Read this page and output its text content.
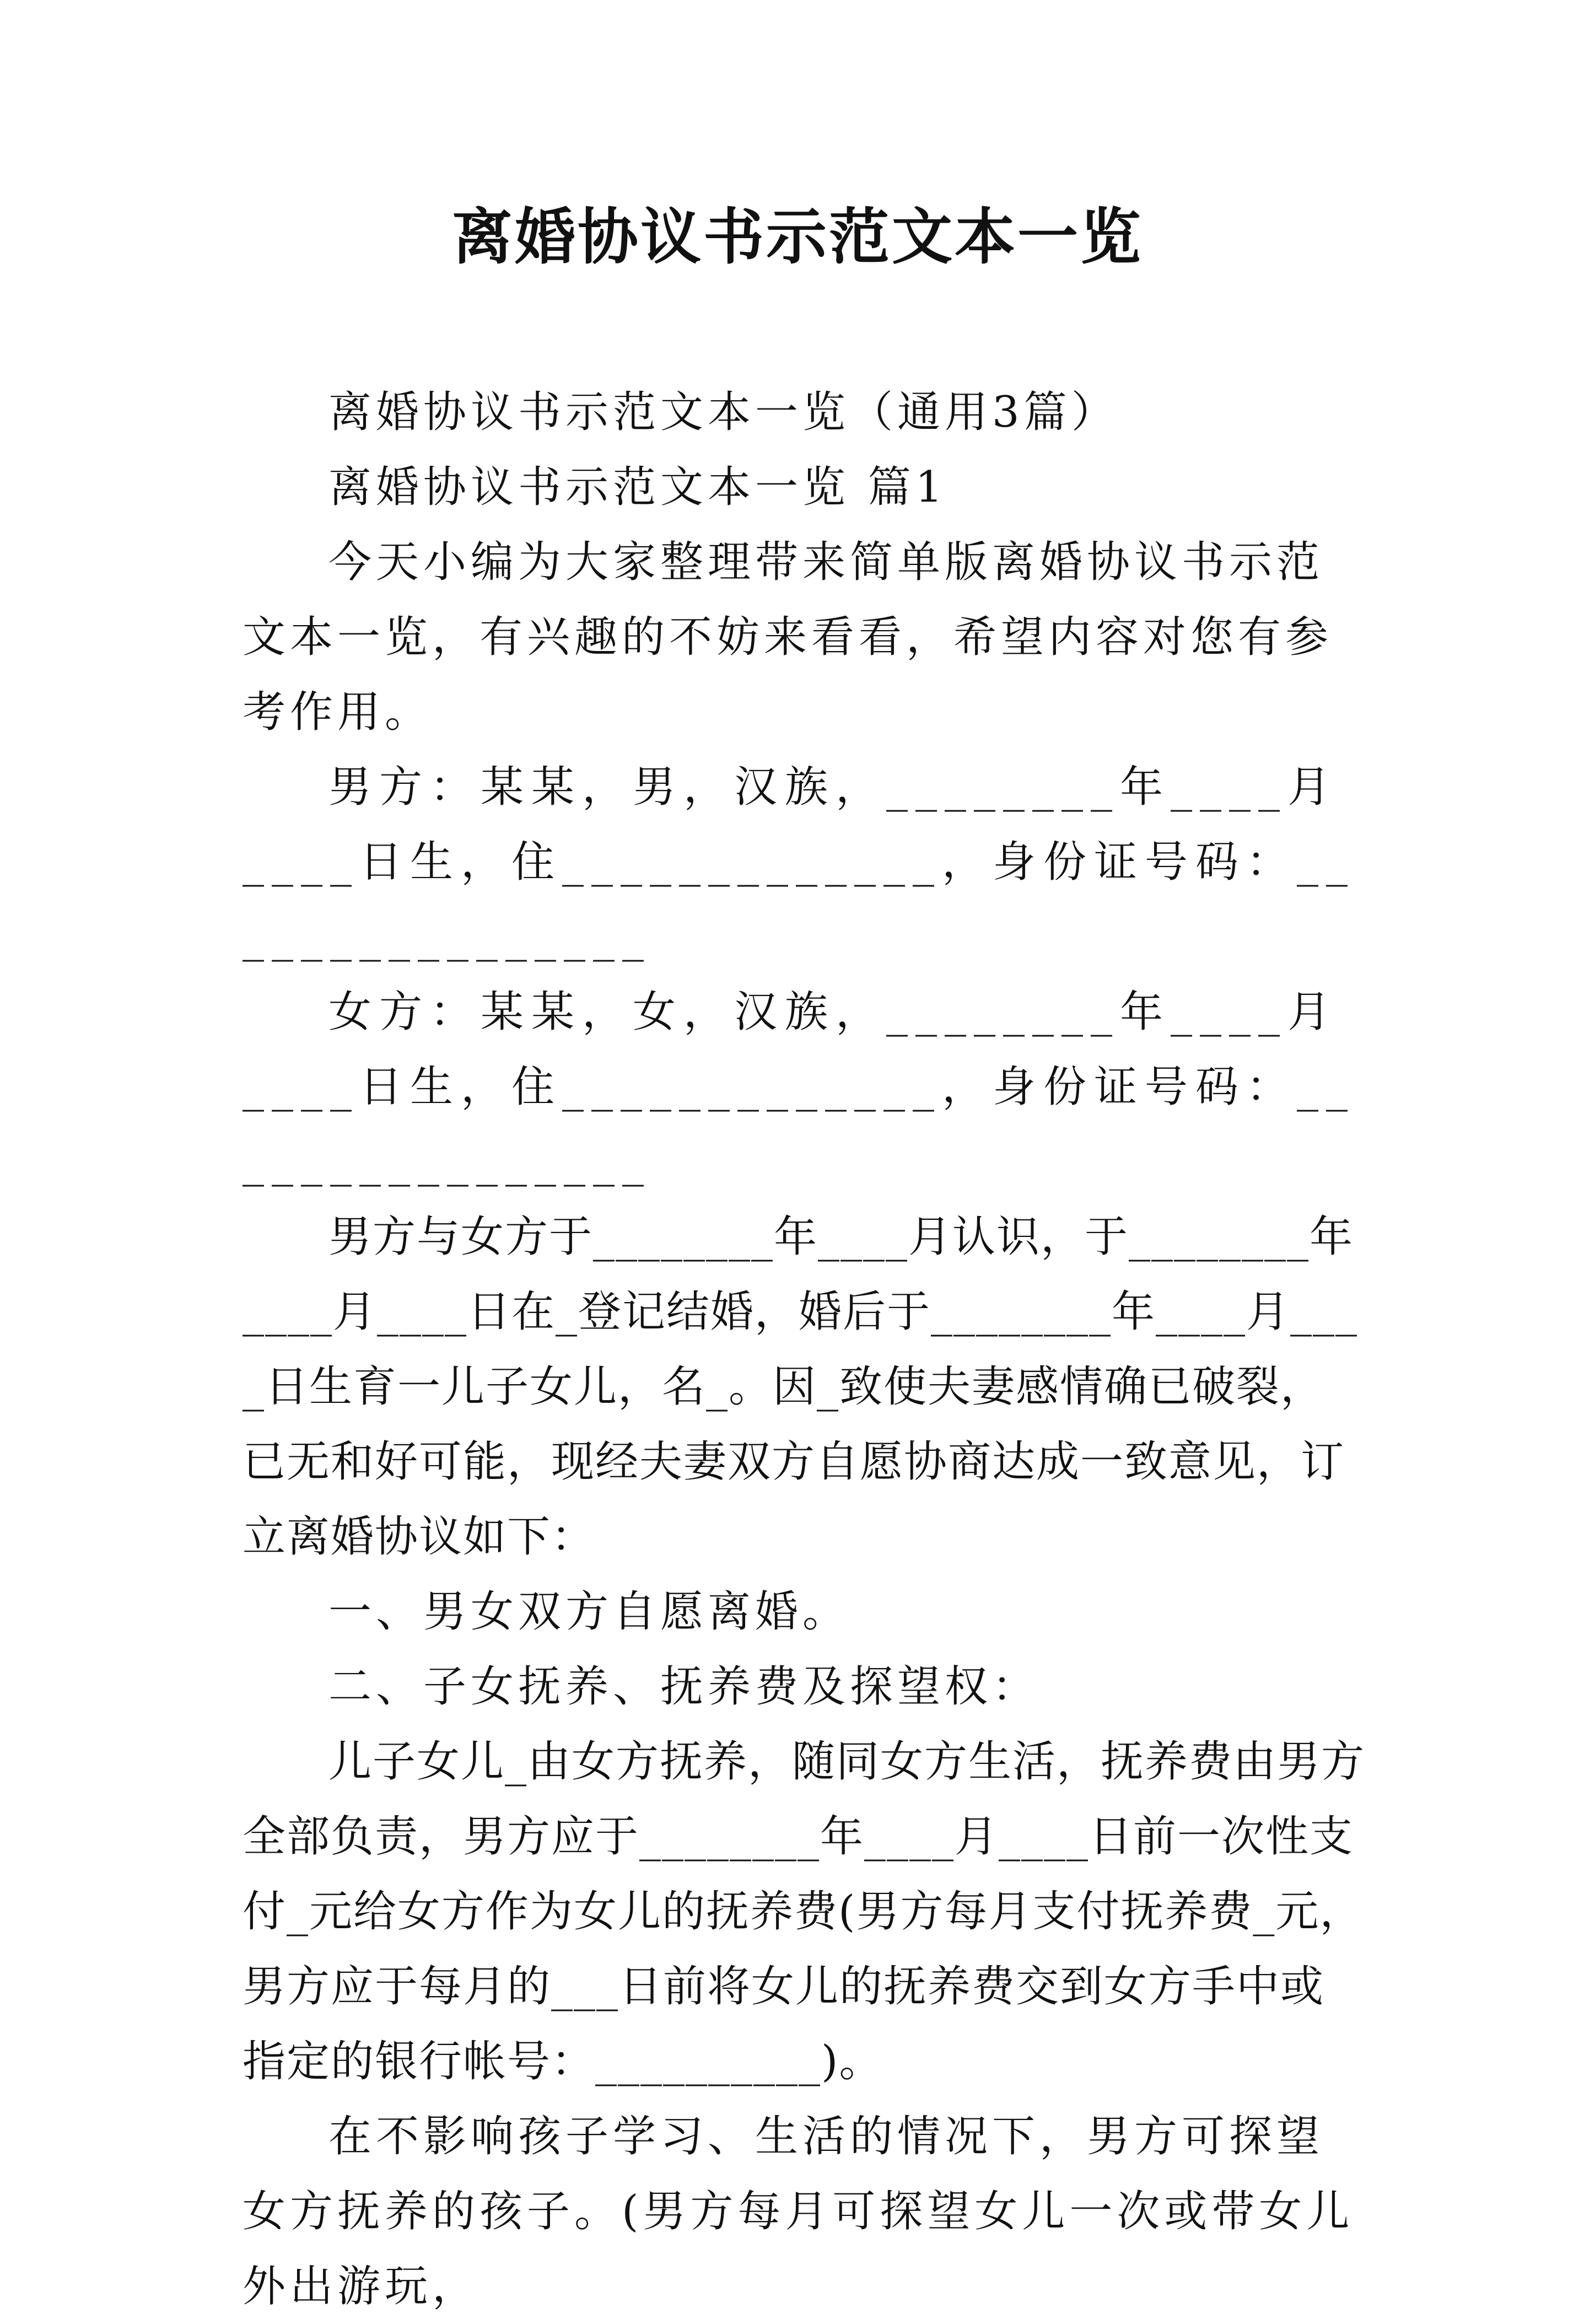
离婚协议书示范文本一览

离婚协议书示范文本一览（通用3篇）

离婚协议书示范文本一览 篇1

今天小编为大家整理带来简单版离婚协议书示范文本一览，有兴趣的不妨来看看，希望内容对您有参考作用。

男方：某某，男，汉族，________年____月____日生，住_____________，身份证号码：________________

女方：某某，女，汉族，________年____月____日生，住_____________，身份证号码：________________

男方与女方于________年____月认识，于________年____月____日在_登记结婚，婚后于________年____月____日生育一儿子女儿，名_。因_致使夫妻感情确已破裂，已无和好可能，现经夫妻双方自愿协商达成一致意见，订立离婚协议如下：

一、男女双方自愿离婚。

二、子女抚养、抚养费及探望权：

儿子女儿_由女方抚养，随同女方生活，抚养费由男方全部负责，男方应于________年____月____日前一次性支付_元给女方作为女儿的抚养费(男方每月支付抚养费_元，男方应于每月的___日前将女儿的抚养费交到女方手中或指定的银行帐号：__________)。

在不影响孩子学习、生活的情况下，男方可探望女方抚养的孩子。(男方每月可探望女儿一次或带女儿外出游玩，
